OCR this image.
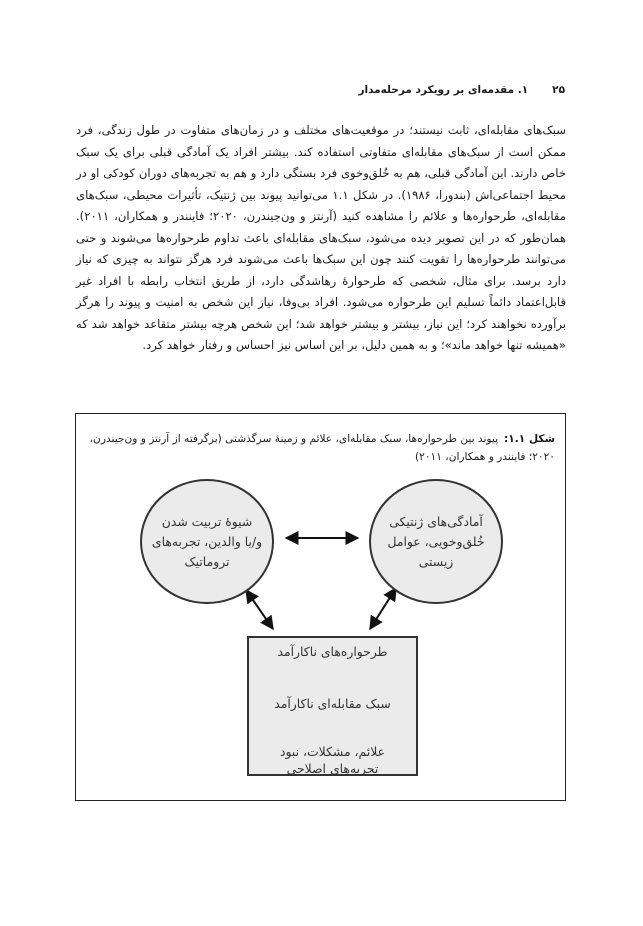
۲۵
۱. مقدمه‌ای بر رویکرد مرحله‌مدار

سبک‌های مقابله‌ای، ثابت نیستند؛ در موقعیت‌های مختلف و در زمان‌های متفاوت در طول زندگی، فرد ممکن است از سبک‌های مقابله‌ای متفاوتی استفاده کند. بیشتر افراد یک آمادگی قبلی برای یک سبک خاص دارند. این آمادگی قبلی، هم به خُلق‌وخوی فرد بستگی دارد و هم به تجربه‌های دوران کودکی او در محیط اجتماعی‌اش (بندورا، ۱۹۸۶). در شکل ۱.۱ می‌توانید پیوند بین ژنتیک، تأثیرات محیطی، سبک‌های مقابله‌ای، طرحواره‌ها و علائم را مشاهده کنید (آرنتز و ون‌جیندرن، ۲۰۲۰؛ فاینندر و همکاران، ۲۰۱۱). همان‌طور که در این تصویر دیده می‌شود، سبک‌های مقابله‌ای باعث تداوم طرحواره‌ها می‌شوند و حتی می‌توانند طرحواره‌ها را تقویت کنند چون این سبک‌ها باعث می‌شوند فرد هرگز نتواند به چیزی که نیاز دارد برسد. برای مثال، شخصی که طرحوارهٔ رهاشدگی دارد، از طریق انتخاب رابطه با افراد غیر قابل‌اعتماد دائماً تسلیم این طرحواره می‌شود. افراد بی‌وفا، نیاز این شخص به امنیت و پیوند را هرگز برآورده نخواهند کرد؛ این نیاز، بیشتر و بیشتر خواهد شد؛ این شخص هرچه بیشتر متقاعد خواهد شد که «همیشه تنها خواهد ماند»؛ و به همین دلیل، بر این اساس نیز احساس و رفتار خواهد کرد.

شکل ۱.۱:پیوند بین طرحواره‌ها، سبک مقابله‌ای، علائم و زمینهٔ سرگذشتی (برگرفته از آرنتز و ون‌جیندرن، ۲۰۲۰؛ فاینندر و همکاران، ۲۰۱۱)

شیوهٔ تربیت شدن
و/یا والدین، تجربه‌های
تروماتیک
آمادگی‌های ژنتیکی
خُلق‌وخویی، عوامل زیستی
طرحواره‌های ناکارآمد
سبک مقابله‌ای ناکارآمد
علائم، مشکلات، نبود
تجربه‌های اصلاحی
